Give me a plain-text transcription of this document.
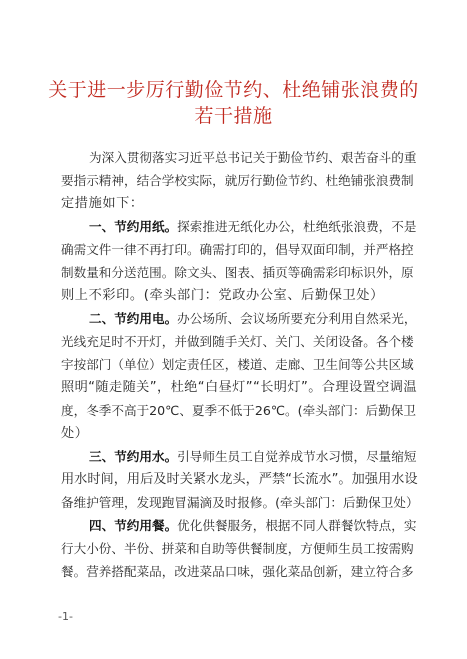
关于进一步厉行勤俭节约、杜绝铺张浪费的
若干措施
为深入贯彻落实习近平总书记关于勤俭节约、艰苦奋斗的重
要指示精神，结合学校实际，就厉行勤俭节约、杜绝铺张浪费制
定措施如下：
一、节约用纸。探索推进无纸化办公，杜绝纸张浪费，不是
确需文件一律不再打印。确需打印的，倡导双面印制，并严格控
制数量和分送范围。除文头、图表、插页等确需彩印标识外，原
则上不彩印。(牵头部门：党政办公室、后勤保卫处）
二、节约用电。办公场所、会议场所要充分利用自然采光，
光线充足时不开灯，并做到随手关灯、关门、关闭设备。各个楼
宇按部门（单位）划定责任区，楼道、走廊、卫生间等公共区域
照明“随走随关”，杜绝“白昼灯”“长明灯”。合理设置空调温
度，冬季不高于20℃、夏季不低于26℃。(牵头部门：后勤保卫
处）
三、节约用水。引导师生员工自觉养成节水习惯，尽量缩短
用水时间，用后及时关紧水龙头，严禁“长流水”。加强用水设
备维护管理，发现跑冒漏滴及时报修。(牵头部门：后勤保卫处）
四、节约用餐。优化供餐服务，根据不同人群餐饮特点，实
行大小份、半份、拼菜和自助等供餐制度，方便师生员工按需购
餐。营养搭配菜品，改进菜品口味，强化菜品创新，建立符合多
-1-
